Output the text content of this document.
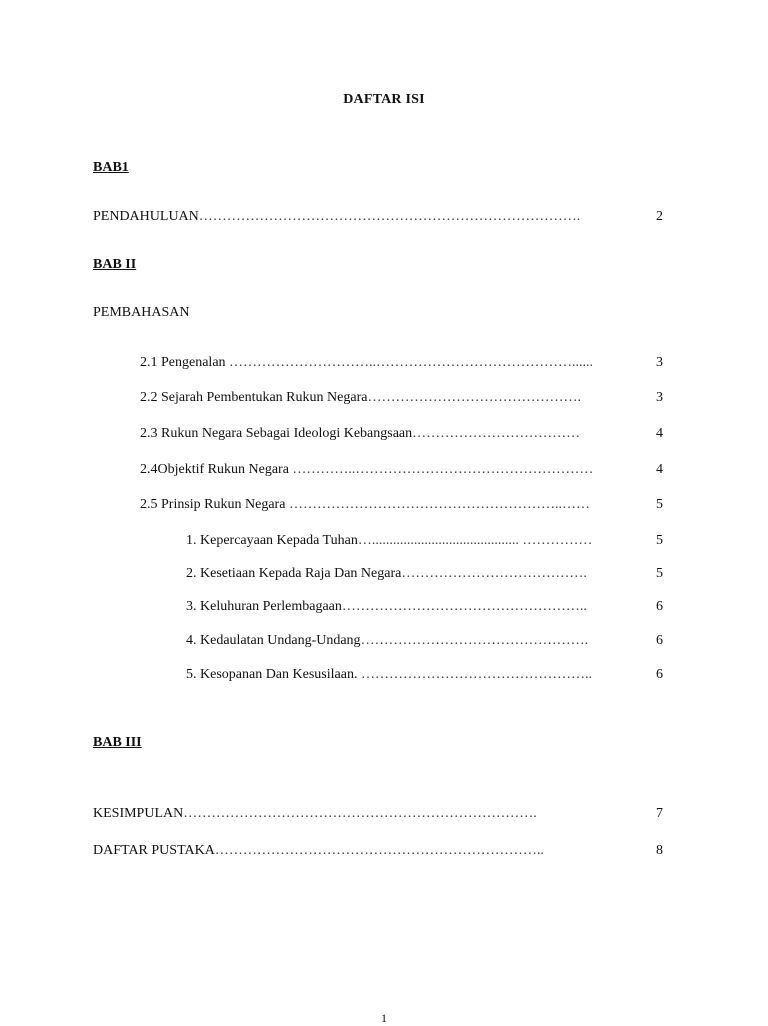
DAFTAR ISI
BAB1
PENDAHULUAN……………………………………………………………………….	2
BAB II
PEMBAHASAN
2.1 Pengenalan …………………………..……………………………………......	3
2.2 Sejarah Pembentukan Rukun Negara……………………………………….	3
2.3 Rukun Negara Sebagai Ideologi Kebangsaan………………………………	4
2.4Objektif Rukun Negara …………..……………………………………………	4
2.5 Prinsip Rukun Negara …………………………………………………..……	5
1. Kepercayaan Kepada Tuhan….......................................... ……………	5
2. Kesetiaan Kepada Raja Dan Negara………………………………….	5
3. Keluhuran Perlembagaan……………………………………………..	6
4. Kedaulatan Undang-Undang………………………………………….	6
5. Kesopanan Dan Kesusilaan. …………………………………………..	6
BAB III
KESIMPULAN………………………………………………………………….	7
DAFTAR PUSTAKA……………………………………………………………..	8
1
